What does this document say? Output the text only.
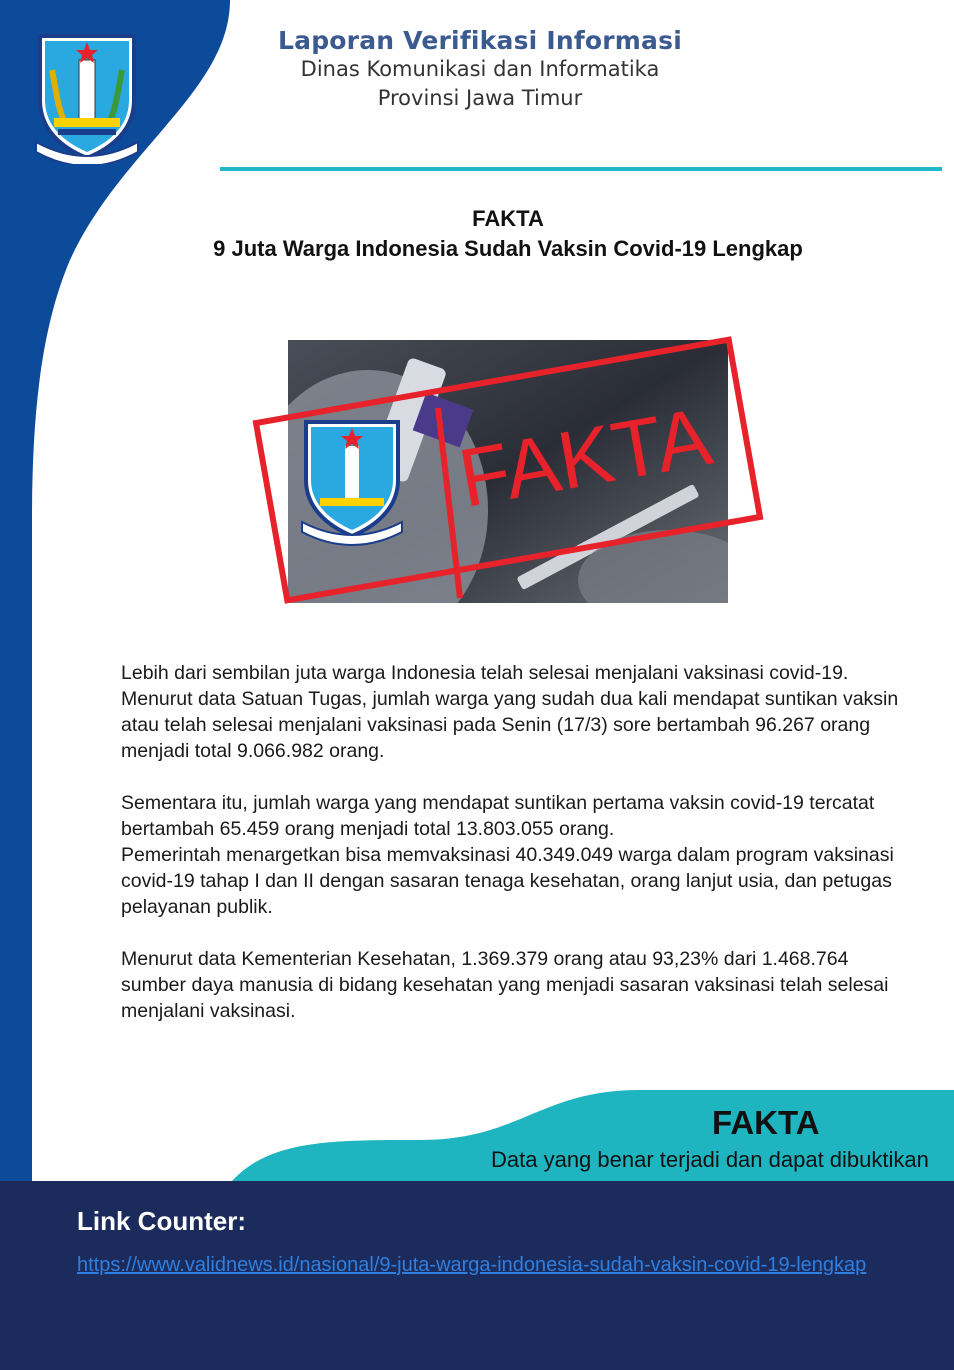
Laporan Verifikasi Informasi
Dinas Komunikasi dan Informatika
Provinsi Jawa Timur
FAKTA
9 Juta Warga Indonesia Sudah Vaksin Covid-19 Lengkap
FAKTA

Lebih dari sembilan juta warga Indonesia telah selesai menjalani vaksinasi covid-19. Menurut data Satuan Tugas, jumlah warga yang sudah dua kali mendapat suntikan vaksin atau telah selesai menjalani vaksinasi pada Senin (17/3) sore bertambah 96.267 orang menjadi total 9.066.982 orang.

Sementara itu, jumlah warga yang mendapat suntikan pertama vaksin covid-19 tercatat bertambah 65.459 orang menjadi total 13.803.055 orang.
Pemerintah menargetkan bisa memvaksinasi 40.349.049 warga dalam program vaksinasi covid-19 tahap I dan II dengan sasaran tenaga kesehatan, orang lanjut usia, dan petugas pelayanan publik.

Menurut data Kementerian Kesehatan, 1.369.379 orang atau 93,23% dari 1.468.764 sumber daya manusia di bidang kesehatan yang menjadi sasaran vaksinasi telah selesai menjalani vaksinasi.

FAKTA
Data yang benar terjadi dan dapat dibuktikan
Link Counter:
https://www.validnews.id/nasional/9-juta-warga-indonesia-sudah-vaksin-covid-19-lengkap
